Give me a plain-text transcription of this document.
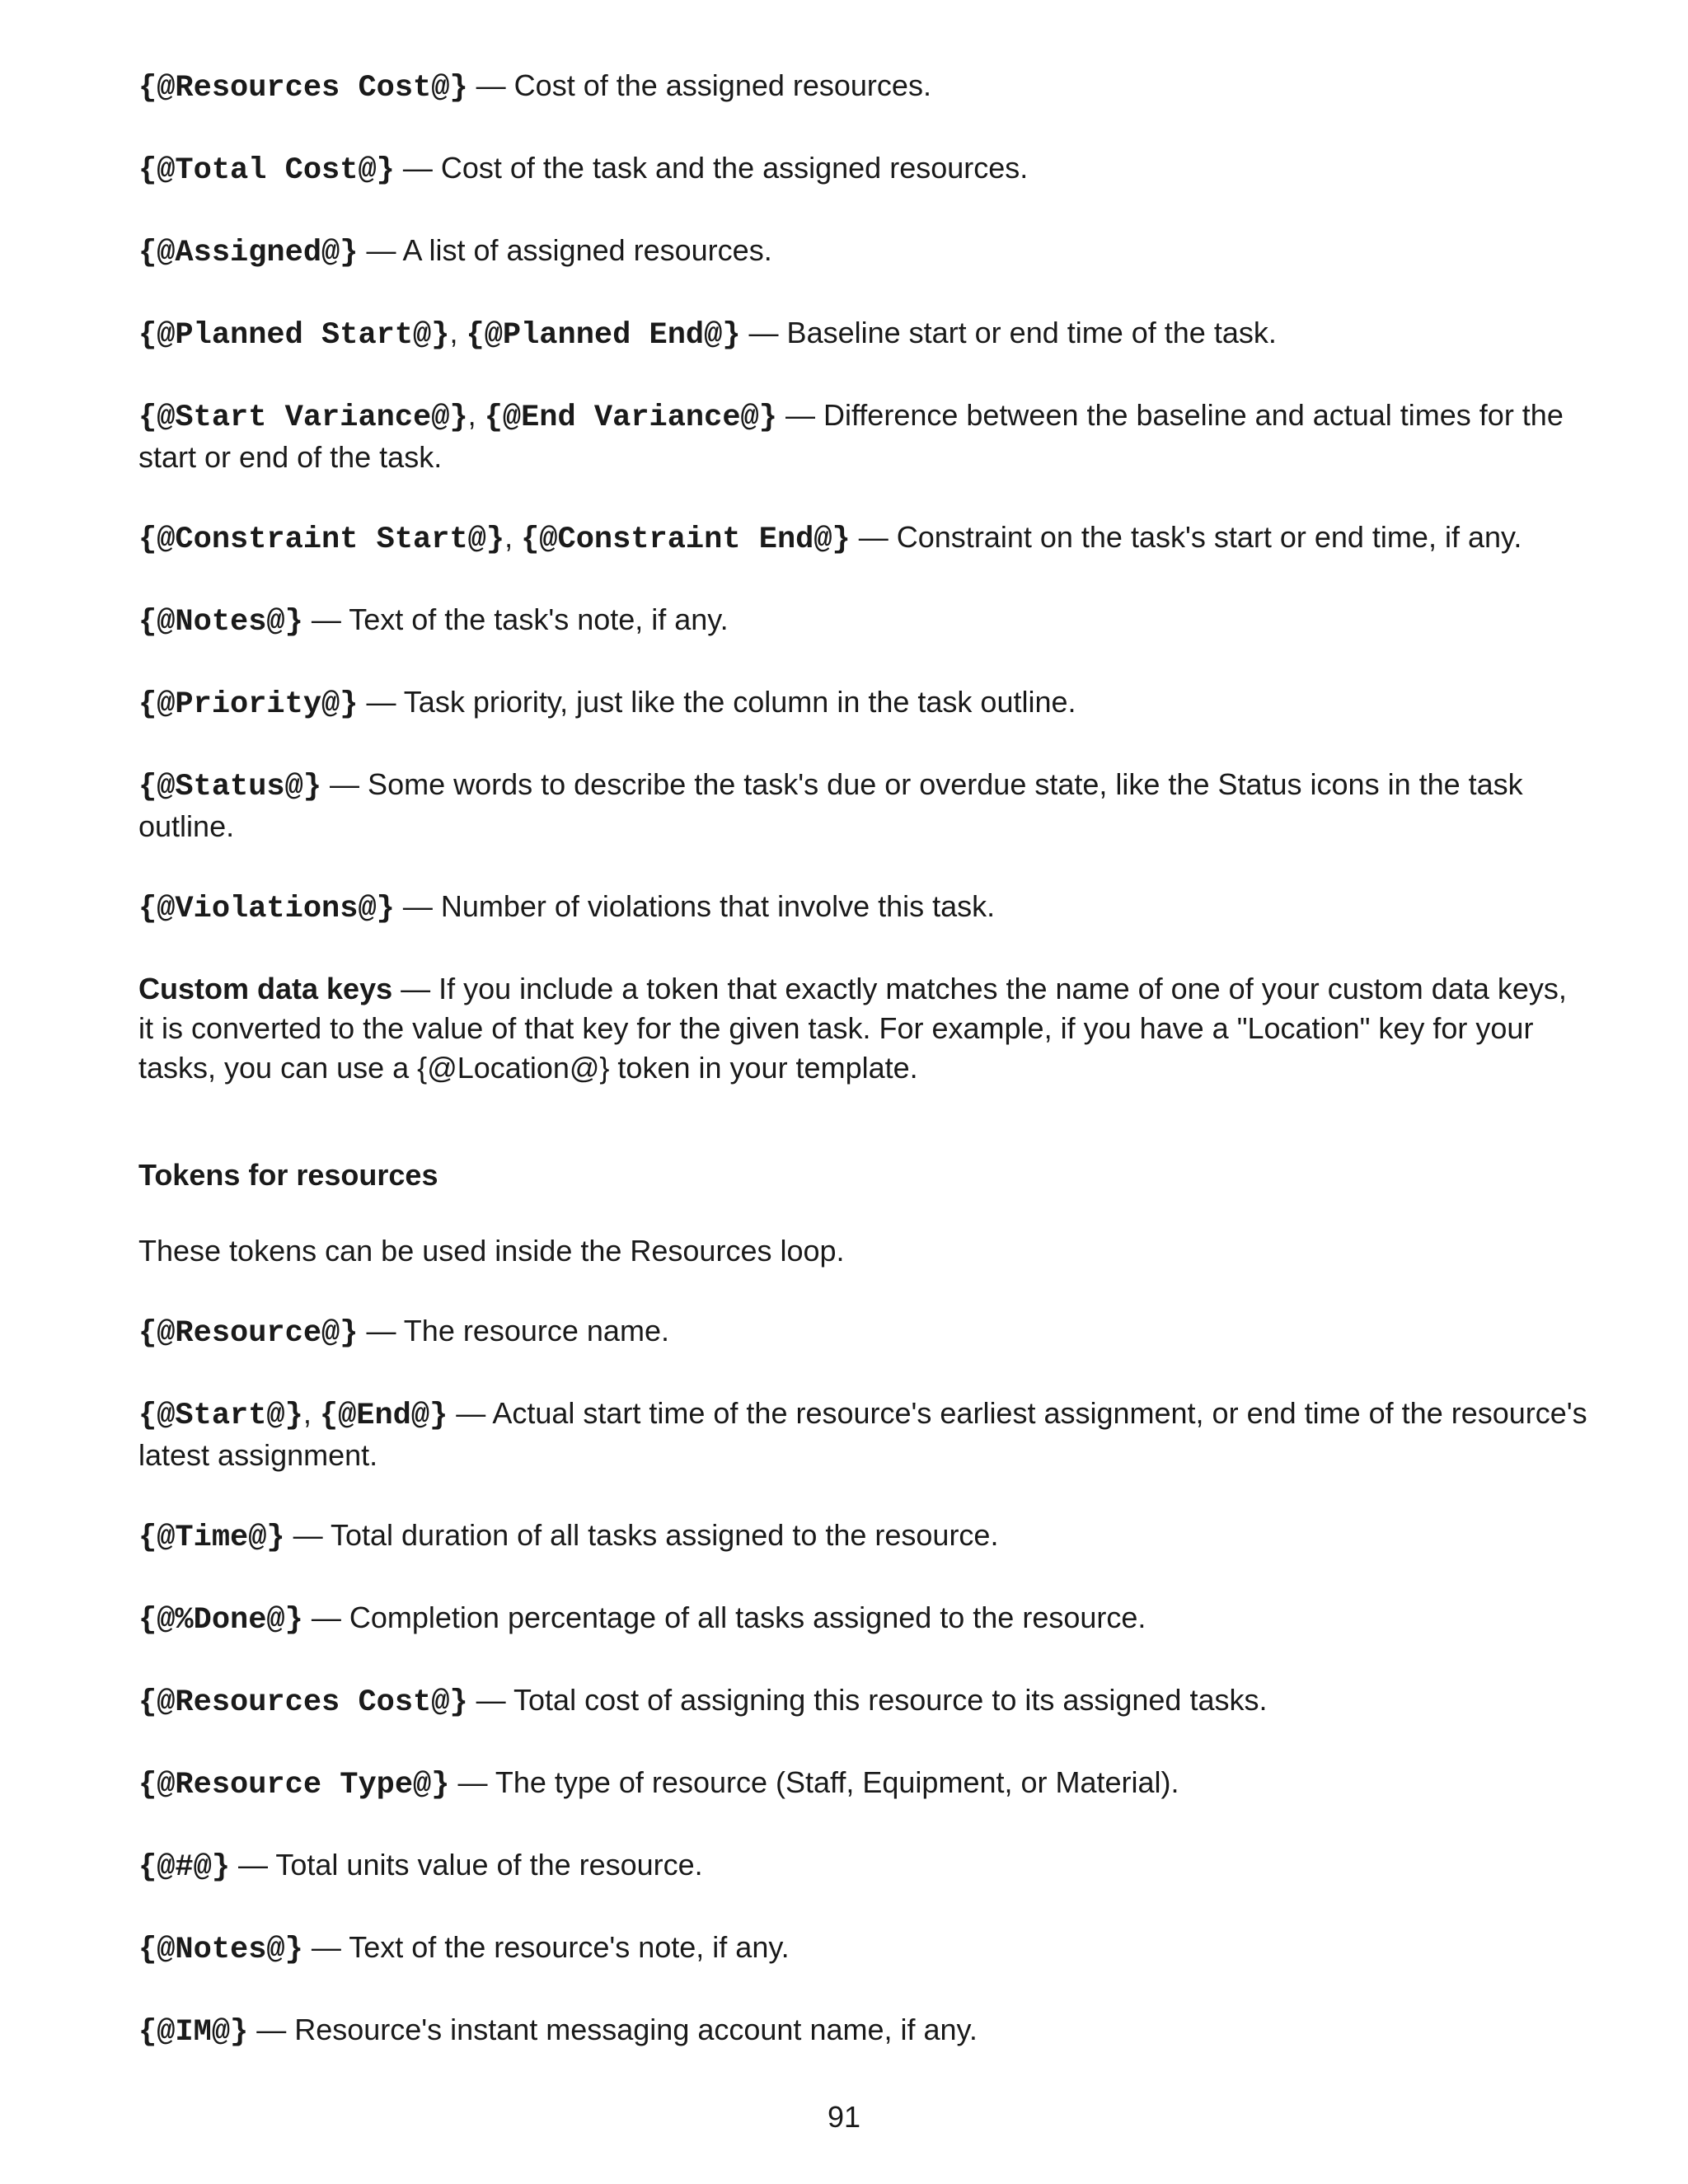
{@Resources Cost@} — Cost of the assigned resources.

{@Total Cost@} — Cost of the task and the assigned resources.

{@Assigned@} — A list of assigned resources.

{@Planned Start@}, {@Planned End@} — Baseline start or end time of the task.

{@Start Variance@}, {@End Variance@} — Difference between the baseline and actual times for the start or end of the task.

{@Constraint Start@}, {@Constraint End@} — Constraint on the task's start or end time, if any.

{@Notes@} — Text of the task's note, if any.

{@Priority@} — Task priority, just like the column in the task outline.

{@Status@} — Some words to describe the task's due or overdue state, like the Status icons in the task outline.

{@Violations@} — Number of violations that involve this task.

Custom data keys — If you include a token that exactly matches the name of one of your custom data keys, it is converted to the value of that key for the given task. For example, if you have a "Location" key for your tasks, you can use a {@Location@} token in your template.

Tokens for resources

These tokens can be used inside the Resources loop.

{@Resource@} — The resource name.

{@Start@}, {@End@} — Actual start time of the resource's earliest assignment, or end time of the resource's latest assignment.

{@Time@} — Total duration of all tasks assigned to the resource.

{@%Done@} — Completion percentage of all tasks assigned to the resource.

{@Resources Cost@} — Total cost of assigning this resource to its assigned tasks.

{@Resource Type@} — The type of resource (Staff, Equipment, or Material).

{@#@} — Total units value of the resource.

{@Notes@} — Text of the resource's note, if any.

{@IM@} — Resource's instant messaging account name, if any.

91
